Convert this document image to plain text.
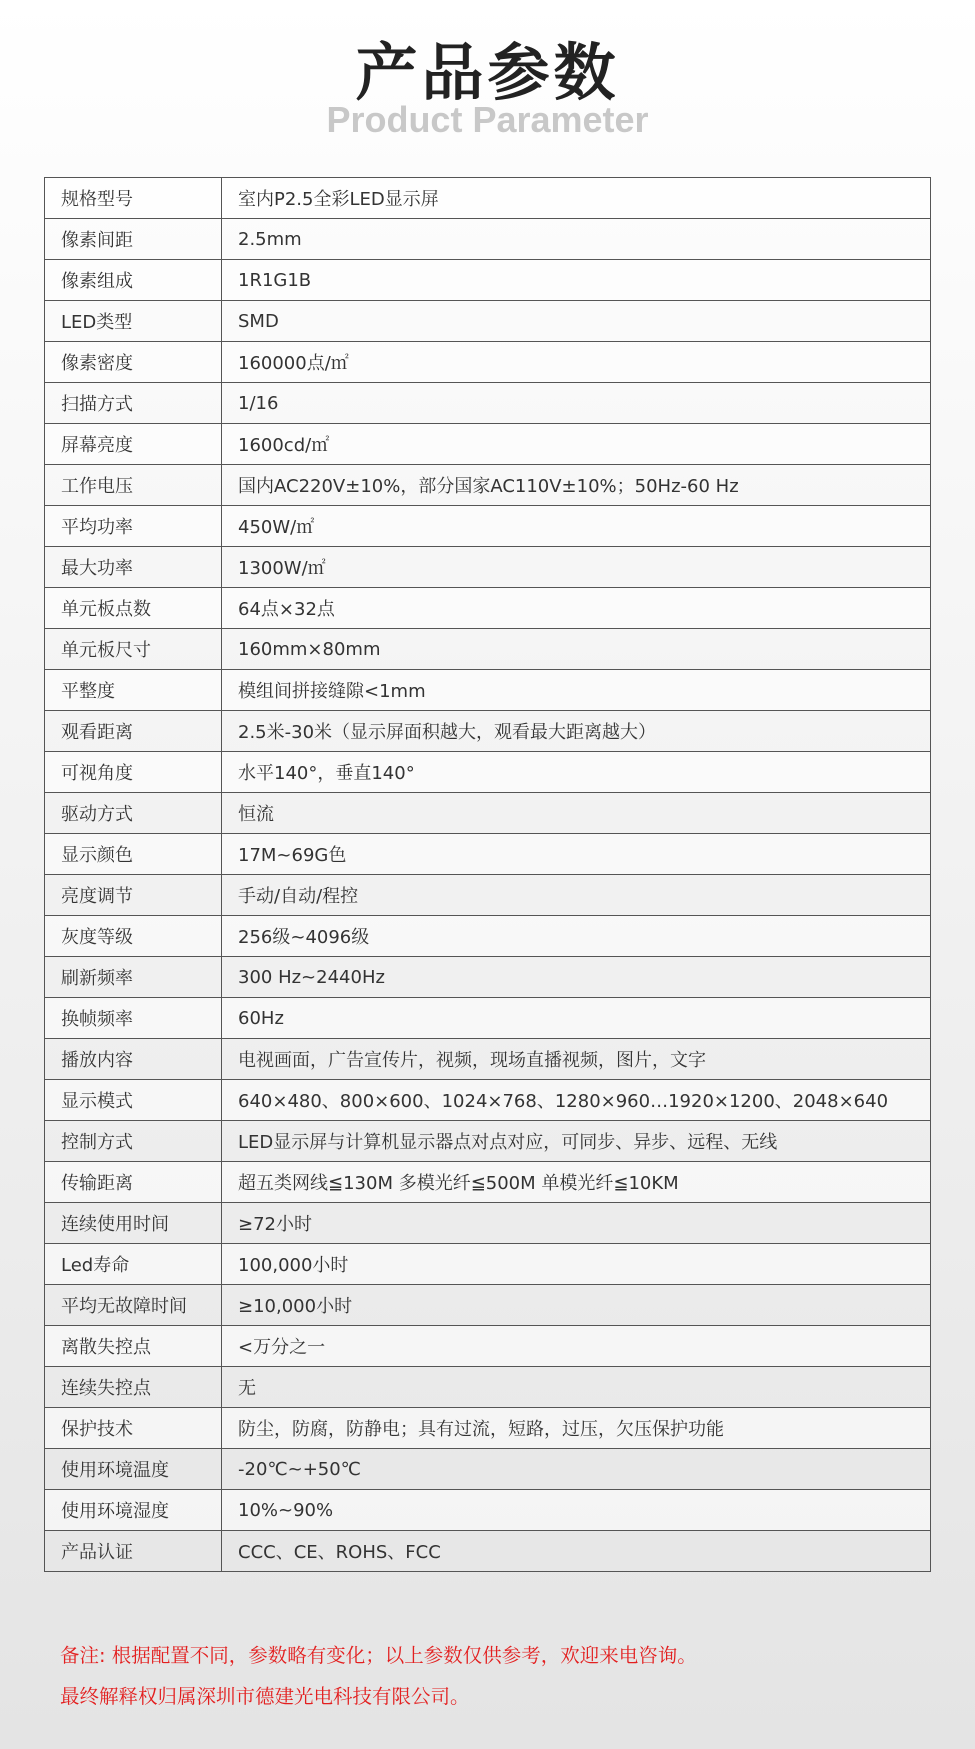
产品参数
Product Parameter
规格型号	室内P2.5全彩LED显示屏
像素间距	2.5mm
像素组成	1R1G1B
LED类型	SMD
像素密度	160000点/㎡
扫描方式	1/16
屏幕亮度	1600cd/㎡
工作电压	国内AC220V±10%，部分国家AC110V±10%；50Hz-60 Hz
平均功率	450W/㎡
最大功率	1300W/㎡
单元板点数	64点×32点
单元板尺寸	160mm×80mm
平整度	模组间拼接缝隙<1mm
观看距离	2.5米-30米（显示屏面积越大，观看最大距离越大）
可视角度	水平140°，垂直140°
驱动方式	恒流
显示颜色	17M~69G色
亮度调节	手动/自动/程控
灰度等级	256级~4096级
刷新频率	300 Hz~2440Hz
换帧频率	60Hz
播放内容	电视画面，广告宣传片，视频，现场直播视频，图片，文字
显示模式	640×480、800×600、1024×768、1280×960…1920×1200、2048×640
控制方式	LED显示屏与计算机显示器点对点对应，可同步、异步、远程、无线
传输距离	超五类网线≦130M 多模光纤≦500M 单模光纤≦10KM
连续使用时间	≥72小时
Led寿命	100,000小时
平均无故障时间	≥10,000小时
离散失控点	<万分之一
连续失控点	无
保护技术	防尘，防腐，防静电；具有过流，短路，过压，欠压保护功能
使用环境温度	-20℃~+50℃
使用环境湿度	10%~90%
产品认证	CCC、CE、ROHS、FCC
备注: 根据配置不同，参数略有变化；以上参数仅供参考，欢迎来电咨询。
最终解释权归属深圳市德建光电科技有限公司。
